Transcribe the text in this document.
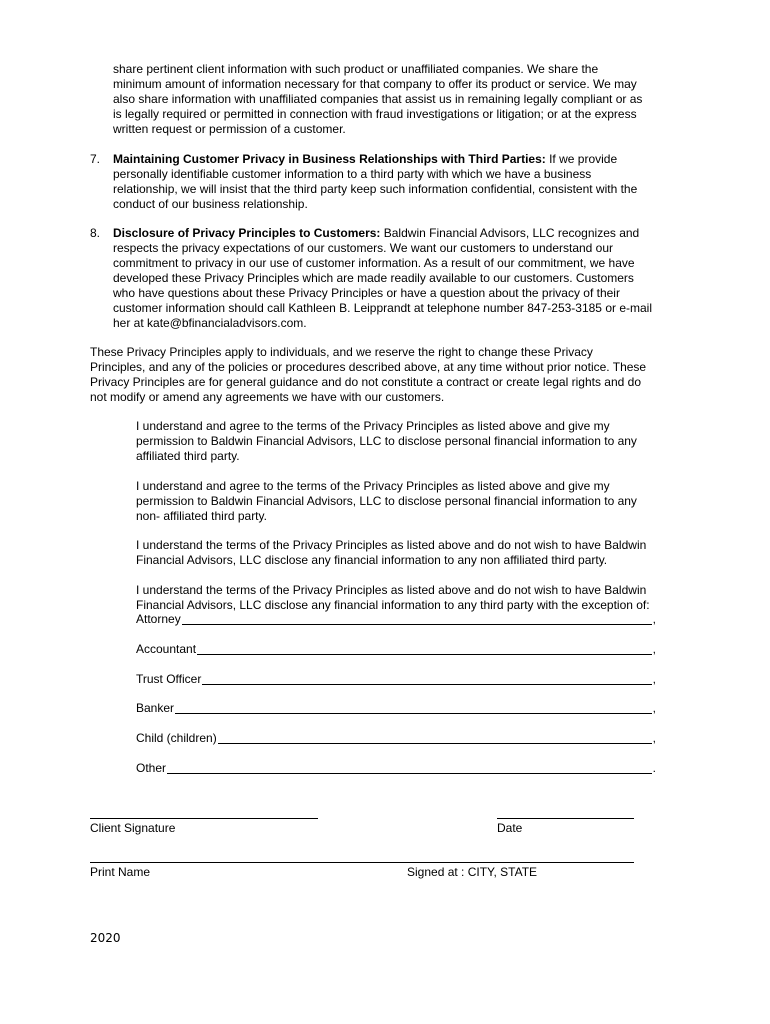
share pertinent client information with such product or unaffiliated companies. We share the
minimum amount of information necessary for that company to offer its product or service. We may
also share information with unaffiliated companies that assist us in remaining legally compliant or as
is legally required or permitted in connection with fraud investigations or litigation; or at the express
written request or permission of a customer.
7. Maintaining Customer Privacy in Business Relationships with Third Parties: If we provide
personally identifiable customer information to a third party with which we have a business
relationship, we will insist that the third party keep such information confidential, consistent with the
conduct of our business relationship.
8. Disclosure of Privacy Principles to Customers: Baldwin Financial Advisors, LLC recognizes and
respects the privacy expectations of our customers. We want our customers to understand our
commitment to privacy in our use of customer information. As a result of our commitment, we have
developed these Privacy Principles which are made readily available to our customers. Customers
who have questions about these Privacy Principles or have a question about the privacy of their
customer information should call Kathleen B. Leipprandt at telephone number 847-253-3185 or e-mail
her at kate@bfinancialadvisors.com.
These Privacy Principles apply to individuals, and we reserve the right to change these Privacy
Principles, and any of the policies or procedures described above, at any time without prior notice. These
Privacy Principles are for general guidance and do not constitute a contract or create legal rights and do
not modify or amend any agreements we have with our customers.
I understand and agree to the terms of the Privacy Principles as listed above and give my
permission to Baldwin Financial Advisors, LLC to disclose personal financial information to any
affiliated third party.
I understand and agree to the terms of the Privacy Principles as listed above and give my
permission to Baldwin Financial Advisors, LLC to disclose personal financial information to any
non- affiliated third party.
I understand the terms of the Privacy Principles as listed above and do not wish to have Baldwin
Financial Advisors, LLC disclose any financial information to any non affiliated third party.
I understand the terms of the Privacy Principles as listed above and do not wish to have Baldwin
Financial Advisors, LLC disclose any financial information to any third party with the exception of:
Attorney	,
Accountant	,
Trust Officer	,
Banker	,
Child (children)	,
Other	.
Client Signature	Date
Print Name	Signed at : CITY, STATE
2020
